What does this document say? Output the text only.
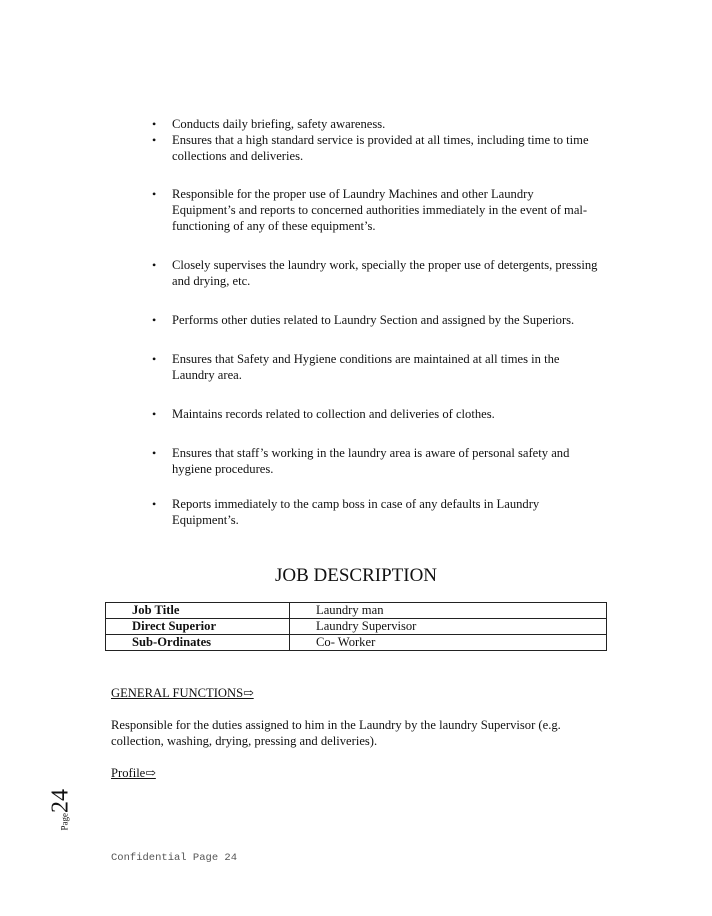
• Conducts daily briefing, safety awareness.
• Ensures that a high standard service is provided at all times, including time to time collections and deliveries.
• Responsible for the proper use of Laundry Machines and other Laundry Equipment’s and reports to concerned authorities immediately in the event of mal-functioning of any of these equipment’s.
• Closely supervises the laundry work, specially the proper use of detergents, pressing and drying, etc.
• Performs other duties related to Laundry Section and assigned by the Superiors.
• Ensures that Safety and Hygiene conditions are maintained at all times in the Laundry area.
• Maintains records related to collection and deliveries of clothes.
• Ensures that staff’s working in the laundry area is aware of personal safety and hygiene procedures.
• Reports immediately to the camp boss in case of any defaults in Laundry Equipment’s.
JOB DESCRIPTION
Job Title	Laundry man
Direct Superior	Laundry Supervisor
Sub-Ordinates	Co- Worker
GENERAL FUNCTIONS⇨

Responsible for the duties assigned to him in the Laundry by the laundry Supervisor (e.g. collection, washing, drying, pressing and deliveries).

Profile⇨
Page24
Confidential Page 24
